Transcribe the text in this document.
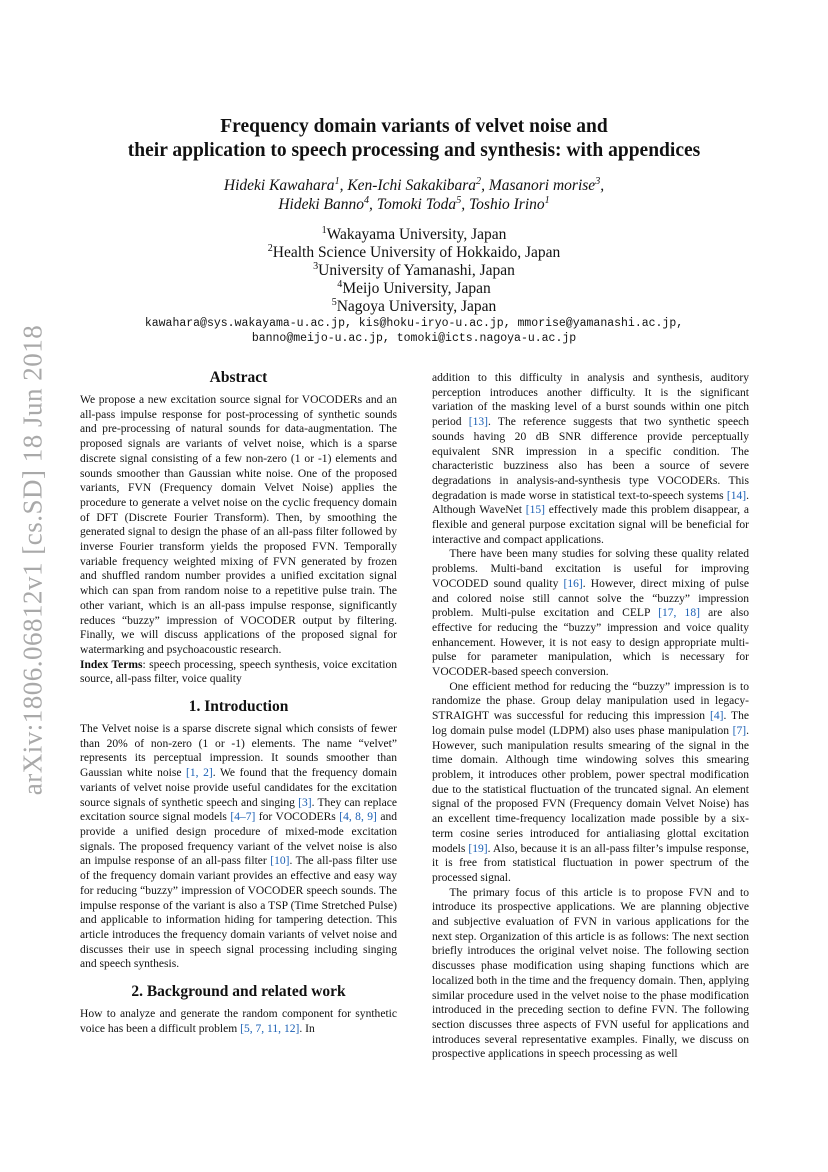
arXiv:1806.06812v1 [cs.SD] 18 Jun 2018
Frequency domain variants of velvet noise and
their application to speech processing and synthesis: with appendices

Hideki Kawahara$^1$, Ken-Ichi Sakakibara$^2$, Masanori morise$^3$,
Hideki Banno$^4$, Tomoki Toda$^5$, Toshio Irino$^1$

$^1$Wakayama University, Japan
$^2$Health Science University of Hokkaido, Japan
$^3$University of Yamanashi, Japan
$^4$Meijo University, Japan
$^5$Nagoya University, Japan

kawahara@sys.wakayama-u.ac.jp, kis@hoku-iryo-u.ac.jp, mmorise@yamanashi.ac.jp,
banno@meijo-u.ac.jp, tomoki@icts.nagoya-u.ac.jp

Abstract

We propose a new excitation source signal for VOCODERs and an all-pass impulse response for post-processing of synthetic sounds and pre-processing of natural sounds for data-augmentation. The proposed signals are variants of velvet noise, which is a sparse discrete signal consisting of a few non-zero (1 or -1) elements and sounds smoother than Gaussian white noise. One of the proposed variants, FVN (Frequency domain Velvet Noise) applies the procedure to generate a velvet noise on the cyclic frequency domain of DFT (Discrete Fourier Transform). Then, by smoothing the generated signal to design the phase of an all-pass filter followed by inverse Fourier transform yields the proposed FVN. Temporally variable frequency weighted mixing of FVN generated by frozen and shuffled random number provides a unified excitation signal which can span from random noise to a repetitive pulse train. The other variant, which is an all-pass impulse response, significantly reduces “buzzy” impression of VOCODER output by filtering. Finally, we will discuss applications of the proposed signal for watermarking and psychoacoustic research.

Index Terms: speech processing, speech synthesis, voice excitation source, all-pass filter, voice quality

1. Introduction

The Velvet noise is a sparse discrete signal which consists of fewer than 20% of non-zero (1 or -1) elements. The name “velvet” represents its perceptual impression. It sounds smoother than Gaussian white noise [1, 2]. We found that the frequency domain variants of velvet noise provide useful candidates for the excitation source signals of synthetic speech and singing [3]. They can replace excitation source signal models [4–7] for VOCODERs [4, 8, 9] and provide a unified design procedure of mixed-mode excitation signals. The proposed frequency variant of the velvet noise is also an impulse response of an all-pass filter [10]. The all-pass filter use of the frequency domain variant provides an effective and easy way for reducing “buzzy” impression of VOCODER speech sounds. The impulse response of the variant is also a TSP (Time Stretched Pulse) and applicable to information hiding for tampering detection. This article introduces the frequency domain variants of velvet noise and discusses their use in speech signal processing including singing and speech synthesis.

2. Background and related work

How to analyze and generate the random component for synthetic voice has been a difficult problem [5, 7, 11, 12]. In

addition to this difficulty in analysis and synthesis, auditory perception introduces another difficulty. It is the significant variation of the masking level of a burst sounds within one pitch period [13]. The reference suggests that two synthetic speech sounds having 20 dB SNR difference provide perceptually equivalent SNR impression in a specific condition. The characteristic buzziness also has been a source of severe degradations in analysis-and-synthesis type VOCODERs. This degradation is made worse in statistical text-to-speech systems [14]. Although WaveNet [15] effectively made this problem disappear, a flexible and general purpose excitation signal will be beneficial for interactive and compact applications.

There have been many studies for solving these quality related problems. Multi-band excitation is useful for improving VOCODED sound quality [16]. However, direct mixing of pulse and colored noise still cannot solve the “buzzy” impression problem. Multi-pulse excitation and CELP [17, 18] are also effective for reducing the “buzzy” impression and voice quality enhancement. However, it is not easy to design appropriate multi-pulse for parameter manipulation, which is necessary for VOCODER-based speech conversion.

One efficient method for reducing the “buzzy” impression is to randomize the phase. Group delay manipulation used in legacy-STRAIGHT was successful for reducing this impression [4]. The log domain pulse model (LDPM) also uses phase manipulation [7]. However, such manipulation results smearing of the signal in the time domain. Although time windowing solves this smearing problem, it introduces other problem, power spectral modification due to the statistical fluctuation of the truncated signal. An element signal of the proposed FVN (Frequency domain Velvet Noise) has an excellent time-frequency localization made possible by a six-term cosine series introduced for antialiasing glottal excitation models [19]. Also, because it is an all-pass filter’s impulse response, it is free from statistical fluctuation in power spectrum of the processed signal.

The primary focus of this article is to propose FVN and to introduce its prospective applications. We are planning objective and subjective evaluation of FVN in various applications for the next step. Organization of this article is as follows: The next section briefly introduces the original velvet noise. The following section discusses phase modification using shaping functions which are localized both in the time and the frequency domain. Then, applying similar procedure used in the velvet noise to the phase modification introduced in the preceding section to define FVN. The following section discusses three aspects of FVN useful for applications and introduces several representative examples. Finally, we discuss on prospective applications in speech processing as well
